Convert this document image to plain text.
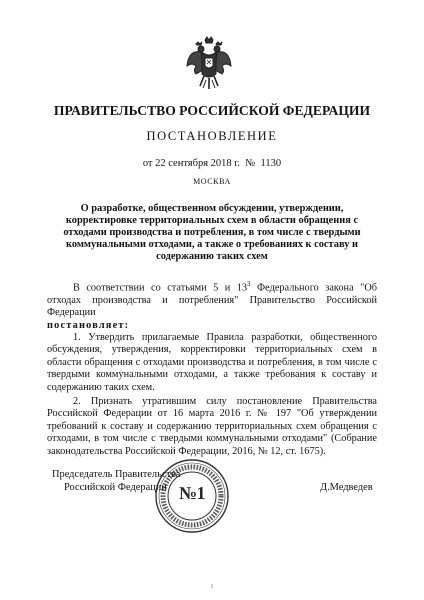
ПРАВИТЕЛЬСТВО РОССИЙСКОЙ ФЕДЕРАЦИИ
ПОСТАНОВЛЕНИЕ
от 22 сентября 2018 г. №  1130
МОСКВА
О разработке, общественном обсуждении, утверждении, корректировке территориальных схем в области обращения с отходами производства и потребления, в том числе с твердыми коммунальными отходами, а также о требованиях к составу и содержанию таких схем

В соответствии со статьями 5 и $13^3$ Федерального закона "Об отходах производства и потребления" Правительство Российской Федерации

постановляет:

1. Утвердить прилагаемые Правила разработки, общественного обсуждения, утверждения, корректировки территориальных схем в области обращения с отходами производства и потребления, в том числе с твердыми коммунальными отходами, а также требования к составу и содержанию таких схем.

2. Признать утратившим силу постановление Правительства Российской Федерации от 16 марта 2016 г. № 197 "Об утверждении требований к составу и содержанию территориальных схем обращения с отходами, в том числе с твердыми коммунальными отходами" (Собрание законодательства Российской Федерации, 2016, № 12, ст. 1675).

№1
Председатель Правительства
Российской Федерации	Д.Медведев
1
